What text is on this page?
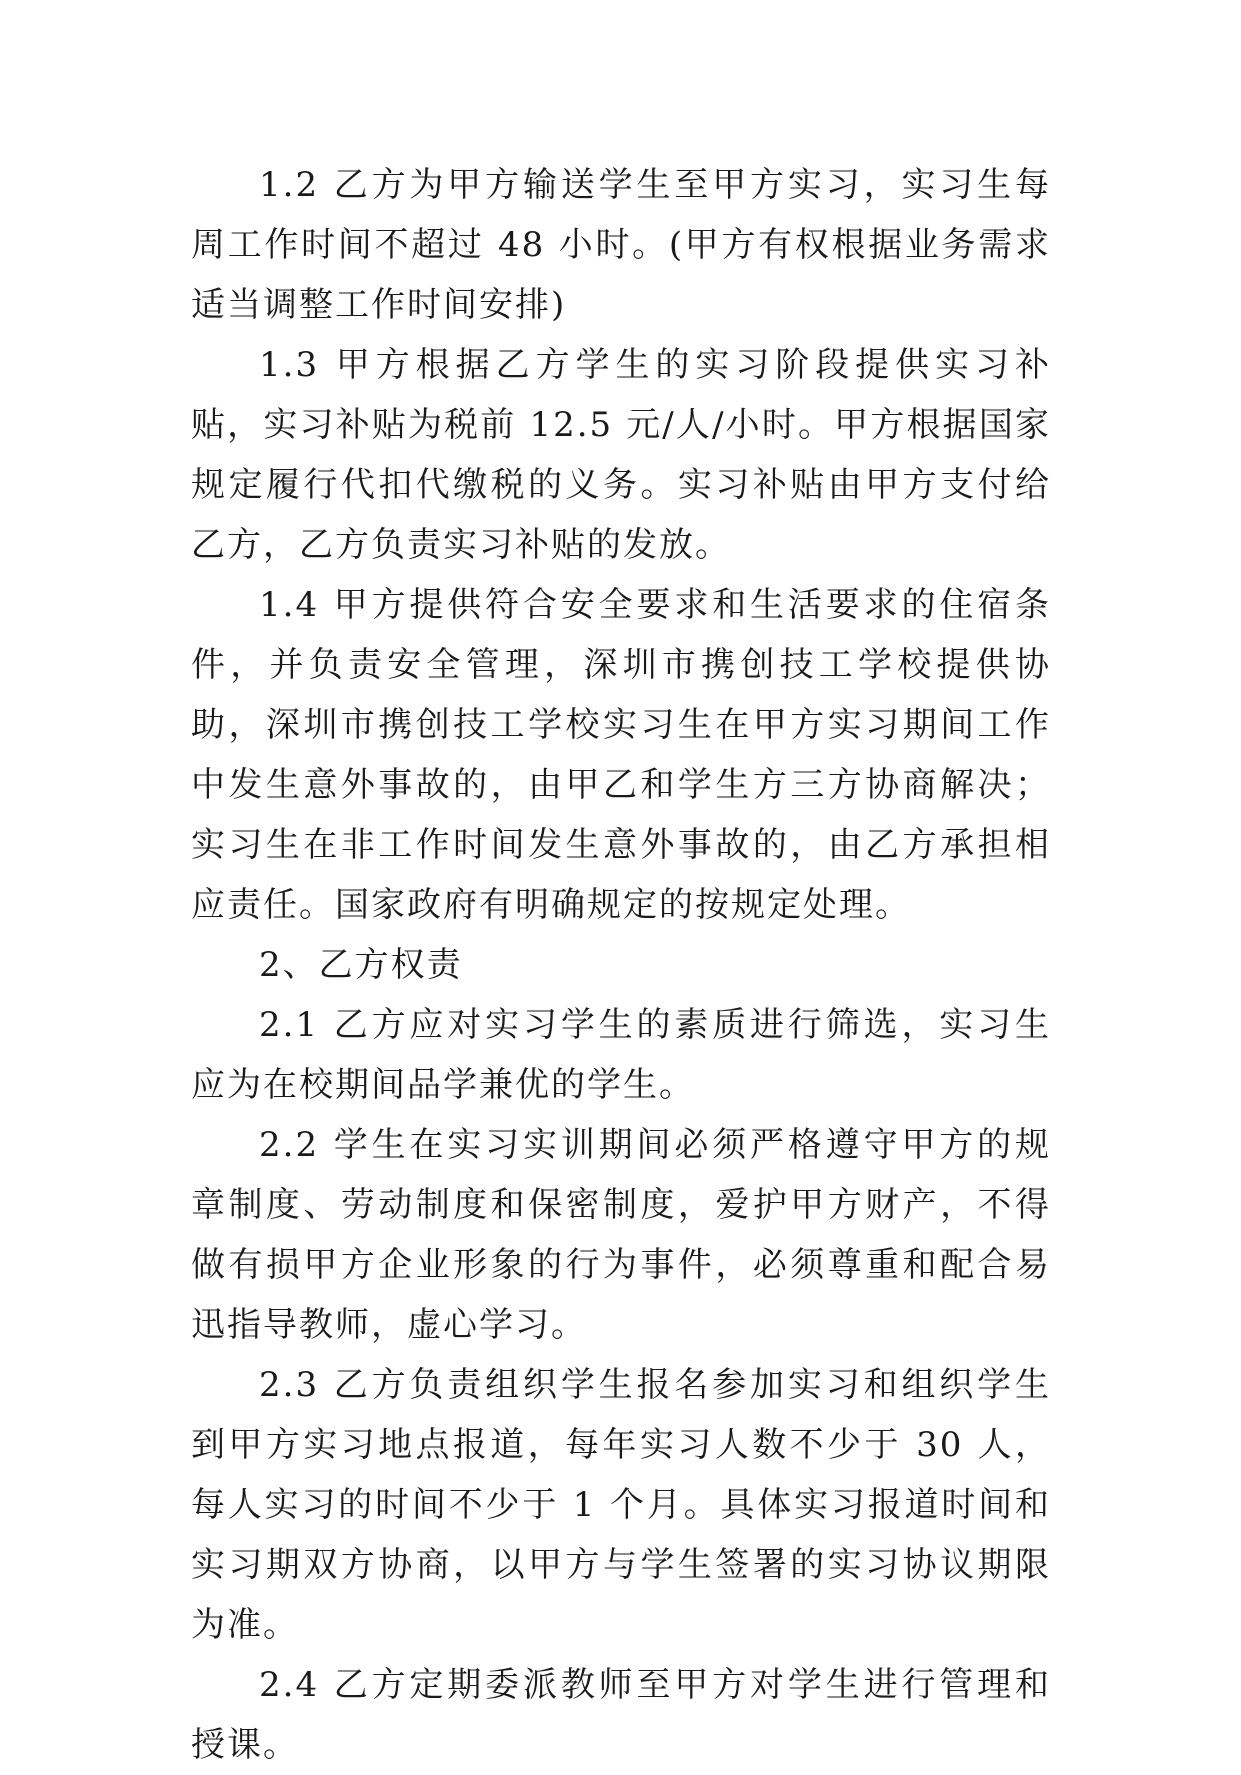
1.2 乙方为甲方输送学生至甲方实习，实习生每周工作时间不超过 48 小时。(甲方有权根据业务需求适当调整工作时间安排)

1.3 甲方根据乙方学生的实习阶段提供实习补贴，实习补贴为税前 12.5 元/人/小时。甲方根据国家规定履行代扣代缴税的义务。实习补贴由甲方支付给乙方，乙方负责实习补贴的发放。

1.4 甲方提供符合安全要求和生活要求的住宿条件，并负责安全管理，深圳市携创技工学校提供协助，深圳市携创技工学校实习生在甲方实习期间工作中发生意外事故的，由甲乙和学生方三方协商解决；实习生在非工作时间发生意外事故的，由乙方承担相应责任。国家政府有明确规定的按规定处理。

2、乙方权责

2.1 乙方应对实习学生的素质进行筛选，实习生应为在校期间品学兼优的学生。

2.2 学生在实习实训期间必须严格遵守甲方的规章制度、劳动制度和保密制度，爱护甲方财产，不得做有损甲方企业形象的行为事件，必须尊重和配合易迅指导教师，虚心学习。

2.3 乙方负责组织学生报名参加实习和组织学生到甲方实习地点报道，每年实习人数不少于 30 人，每人实习的时间不少于 1 个月。具体实习报道时间和实习期双方协商，以甲方与学生签署的实习协议期限为准。

2.4 乙方定期委派教师至甲方对学生进行管理和授课。
